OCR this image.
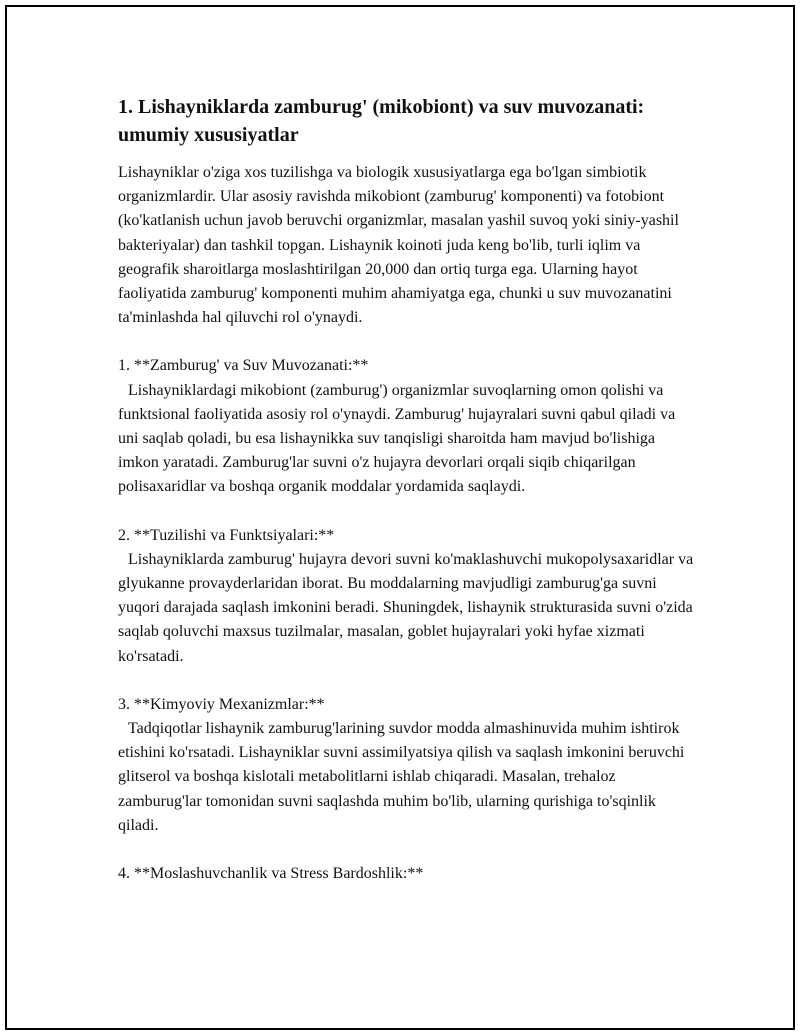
1. Lishayniklarda zamburug' (mikobiont) va suv muvozanati: umumiy xususiyatlar

Lishayniklar o'ziga xos tuzilishga va biologik xususiyatlarga ega bo'lgan simbiotik organizmlardir. Ular asosiy ravishda mikobiont (zamburug' komponenti) va fotobiont (ko'katlanish uchun javob beruvchi organizmlar, masalan yashil suvoq yoki siniy-yashil bakteriyalar) dan tashkil topgan. Lishaynik koinoti juda keng bo'lib, turli iqlim va geografik sharoitlarga moslashtirilgan 20,000 dan ortiq turga ega. Ularning hayot faoliyatida zamburug' komponenti muhim ahamiyatga ega, chunki u suv muvozanatini ta'minlashda hal qiluvchi rol o'ynaydi.

1. **Zamburug' va Suv Muvozanati:**

Lishayniklardagi mikobiont (zamburug') organizmlar suvoqlarning omon qolishi va funktsional faoliyatida asosiy rol o'ynaydi. Zamburug' hujayralari suvni qabul qiladi va uni saqlab qoladi, bu esa lishaynikka suv tanqisligi sharoitda ham mavjud bo'lishiga imkon yaratadi. Zamburug'lar suvni o'z hujayra devorlari orqali siqib chiqarilgan polisaxaridlar va boshqa organik moddalar yordamida saqlaydi.

2. **Tuzilishi va Funktsiyalari:**

Lishayniklarda zamburug' hujayra devori suvni ko'maklashuvchi mukopolysaxaridlar va glyukanne provayderlaridan iborat. Bu moddalarning mavjudligi zamburug'ga suvni yuqori darajada saqlash imkonini beradi. Shuningdek, lishaynik strukturasida suvni o'zida saqlab qoluvchi maxsus tuzilmalar, masalan, goblet hujayralari yoki hyfae xizmati ko'rsatadi.

3. **Kimyoviy Mexanizmlar:**

Tadqiqotlar lishaynik zamburug'larining suvdor modda almashinuvida muhim ishtirok etishini ko'rsatadi. Lishayniklar suvni assimilyatsiya qilish va saqlash imkonini beruvchi glitserol va boshqa kislotali metabolitlarni ishlab chiqaradi. Masalan, trehaloz zamburug'lar tomonidan suvni saqlashda muhim bo'lib, ularning qurishiga to'sqinlik qiladi.

4. **Moslashuvchanlik va Stress Bardoshlik:**
